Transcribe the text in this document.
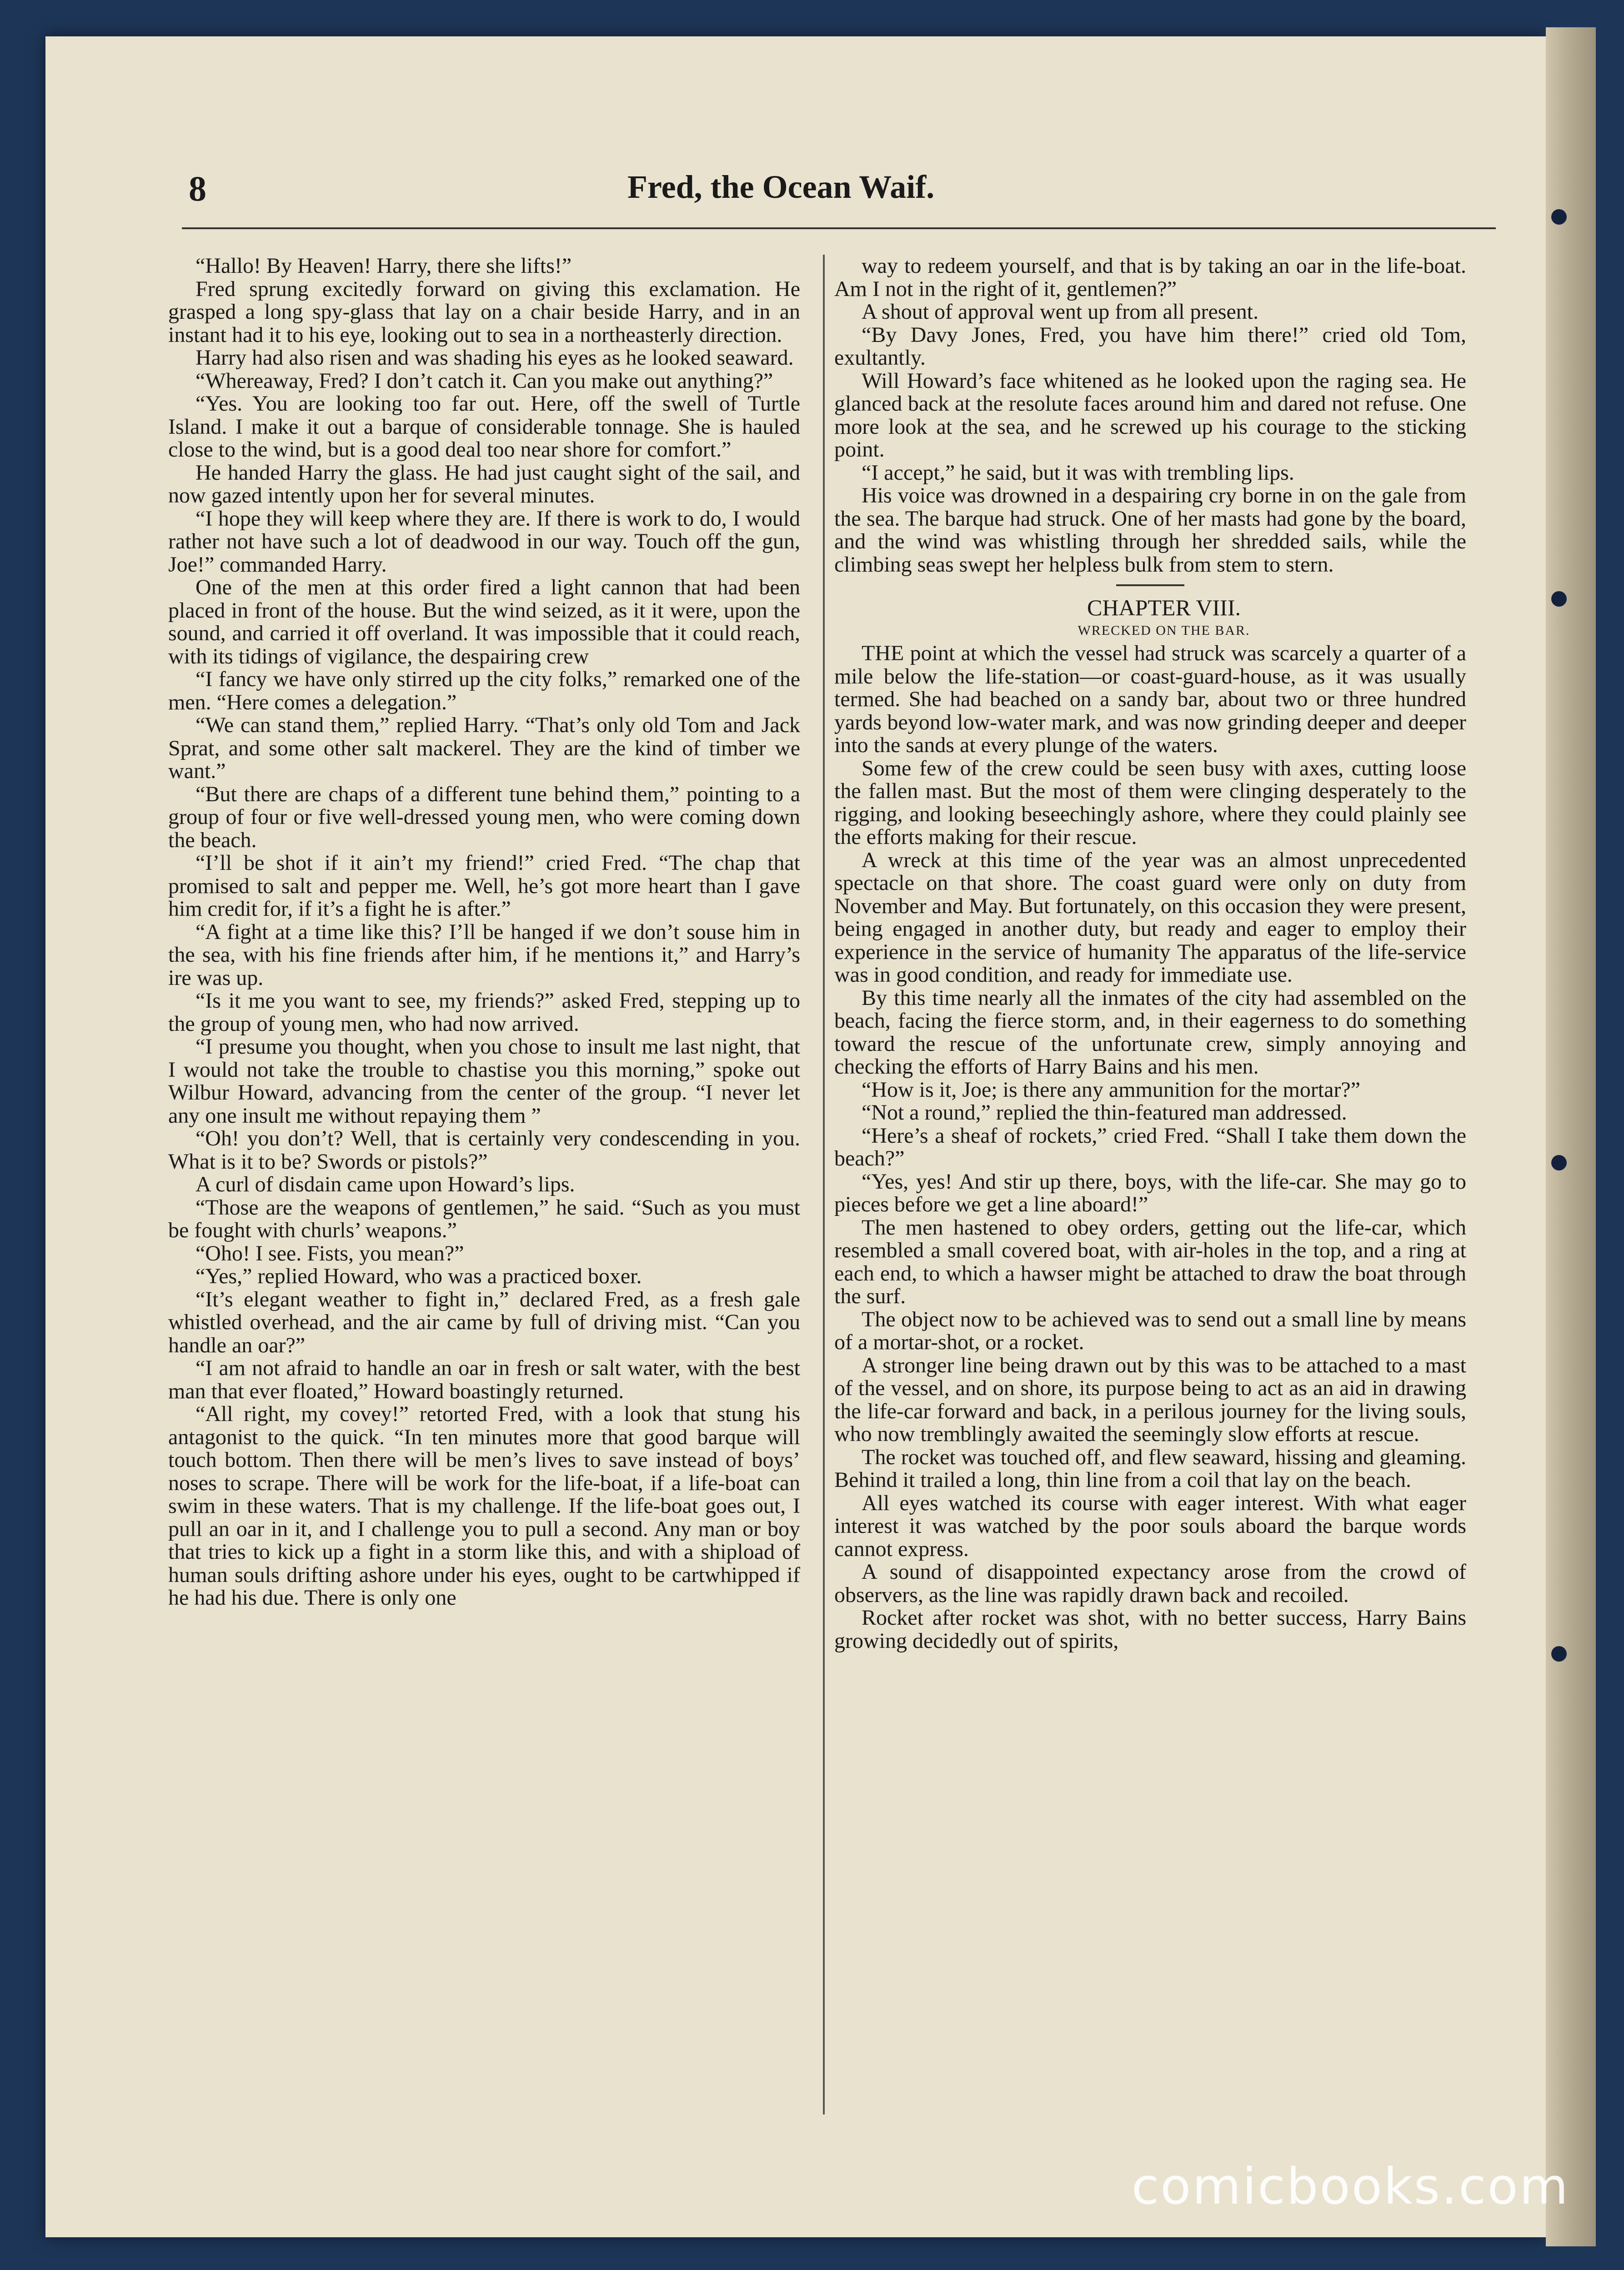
8	Fred, the Ocean Waif.

“Hallo! By Heaven! Harry, there she lifts!”

Fred sprung excitedly forward on giving this exclamation. He grasped a long spy-glass that lay on a chair beside Harry, and in an instant had it to his eye, looking out to sea in a northeasterly direction.

Harry had also risen and was shading his eyes as he looked seaward.

“Whereaway, Fred? I don’t catch it. Can you make out anything?”

“Yes. You are looking too far out. Here, off the swell of Turtle Island. I make it out a barque of considerable tonnage. She is hauled close to the wind, but is a good deal too near shore for comfort.”

He handed Harry the glass. He had just caught sight of the sail, and now gazed intently upon her for several minutes.

“I hope they will keep where they are. If there is work to do, I would rather not have such a lot of deadwood in our way. Touch off the gun, Joe!” commanded Harry.

One of the men at this order fired a light cannon that had been placed in front of the house. But the wind seized, as it it were, upon the sound, and carried it off overland. It was impossible that it could reach, with its tidings of vigilance, the despairing crew

“I fancy we have only stirred up the city folks,” remarked one of the men. “Here comes a delegation.”

“We can stand them,” replied Harry. “That’s only old Tom and Jack Sprat, and some other salt mackerel. They are the kind of timber we want.”

“But there are chaps of a different tune behind them,” pointing to a group of four or five well-dressed young men, who were coming down the beach.

“I’ll be shot if it ain’t my friend!” cried Fred. “The chap that promised to salt and pepper me. Well, he’s got more heart than I gave him credit for, if it’s a fight he is after.”

“A fight at a time like this? I’ll be hanged if we don’t souse him in the sea, with his fine friends after him, if he mentions it,” and Harry’s ire was up.

“Is it me you want to see, my friends?” asked Fred, stepping up to the group of young men, who had now arrived.

“I presume you thought, when you chose to insult me last night, that I would not take the trouble to chastise you this morning,” spoke out Wilbur Howard, advancing from the center of the group. “I never let any one insult me without repaying them ”

“Oh! you don’t? Well, that is certainly very condescending in you. What is it to be? Swords or pistols?”

A curl of disdain came upon Howard’s lips.

“Those are the weapons of gentlemen,” he said. “Such as you must be fought with churls’ weapons.”

“Oho! I see. Fists, you mean?”

“Yes,” replied Howard, who was a practiced boxer.

“It’s elegant weather to fight in,” declared Fred, as a fresh gale whistled overhead, and the air came by full of driving mist. “Can you handle an oar?”

“I am not afraid to handle an oar in fresh or salt water, with the best man that ever floated,” Howard boastingly returned.

“All right, my covey!” retorted Fred, with a look that stung his antagonist to the quick. “In ten minutes more that good barque will touch bottom. Then there will be men’s lives to save instead of boys’ noses to scrape. There will be work for the life-boat, if a life-boat can swim in these waters. That is my challenge. If the life-boat goes out, I pull an oar in it, and I challenge you to pull a second. Any man or boy that tries to kick up a fight in a storm like this, and with a shipload of human souls drifting ashore under his eyes, ought to be cartwhipped if he had his due. There is only one

way to redeem yourself, and that is by taking an oar in the life-boat. Am I not in the right of it, gentlemen?”

A shout of approval went up from all present.

“By Davy Jones, Fred, you have him there!” cried old Tom, exultantly.

Will Howard’s face whitened as he looked upon the raging sea. He glanced back at the resolute faces around him and dared not refuse. One more look at the sea, and he screwed up his courage to the sticking point.

“I accept,” he said, but it was with trembling lips.

His voice was drowned in a despairing cry borne in on the gale from the sea. The barque had struck. One of her masts had gone by the board, and the wind was whistling through her shredded sails, while the climbing seas swept her helpless bulk from stem to stern.

CHAPTER VIII.

WRECKED ON THE BAR.

THE point at which the vessel had struck was scarcely a quarter of a mile below the life-station—or coast-guard-house, as it was usually termed. She had beached on a sandy bar, about two or three hundred yards beyond low-water mark, and was now grinding deeper and deeper into the sands at every plunge of the waters.

Some few of the crew could be seen busy with axes, cutting loose the fallen mast. But the most of them were clinging desperately to the rigging, and looking beseechingly ashore, where they could plainly see the efforts making for their rescue.

A wreck at this time of the year was an almost unprecedented spectacle on that shore. The coast guard were only on duty from November and May. But fortunately, on this occasion they were present, being engaged in another duty, but ready and eager to employ their experience in the service of humanity The apparatus of the life-service was in good condition, and ready for immediate use.

By this time nearly all the inmates of the city had assembled on the beach, facing the fierce storm, and, in their eagerness to do something toward the rescue of the unfortunate crew, simply annoying and checking the efforts of Harry Bains and his men.

“How is it, Joe; is there any ammunition for the mortar?”

“Not a round,” replied the thin-featured man addressed.

“Here’s a sheaf of rockets,” cried Fred. “Shall I take them down the beach?”

“Yes, yes! And stir up there, boys, with the life-car. She may go to pieces before we get a line aboard!”

The men hastened to obey orders, getting out the life-car, which resembled a small covered boat, with air-holes in the top, and a ring at each end, to which a hawser might be attached to draw the boat through the surf.

The object now to be achieved was to send out a small line by means of a mortar-shot, or a rocket.

A stronger line being drawn out by this was to be attached to a mast of the vessel, and on shore, its purpose being to act as an aid in drawing the life-car forward and back, in a perilous journey for the living souls, who now tremblingly awaited the seemingly slow efforts at rescue.

The rocket was touched off, and flew seaward, hissing and gleaming. Behind it trailed a long, thin line from a coil that lay on the beach.

All eyes watched its course with eager interest. With what eager interest it was watched by the poor souls aboard the barque words cannot express.

A sound of disappointed expectancy arose from the crowd of observers, as the line was rapidly drawn back and recoiled.

Rocket after rocket was shot, with no better success, Harry Bains growing decidedly out of spirits,

comicbooks.com
